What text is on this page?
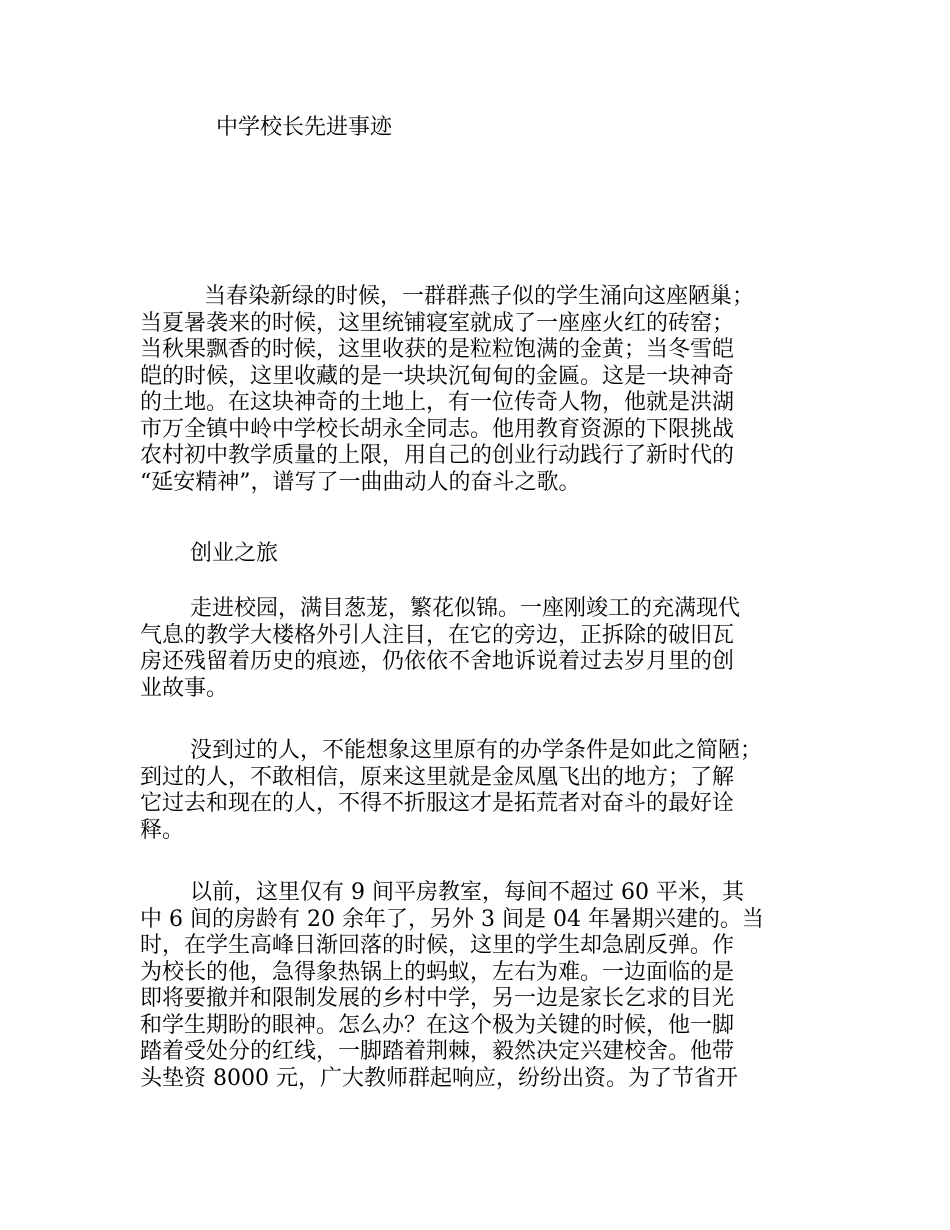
中学校长先进事迹
当春染新绿的时候，一群群燕子似的学生涌向这座陋巢；
当夏暑袭来的时候，这里统铺寝室就成了一座座火红的砖窑；
当秋果飘香的时候，这里收获的是粒粒饱满的金黄；当冬雪皑
皑的时候，这里收藏的是一块块沉甸甸的金匾。这是一块神奇
的土地。在这块神奇的土地上，有一位传奇人物，他就是洪湖
市万全镇中岭中学校长胡永全同志。他用教育资源的下限挑战
农村初中教学质量的上限，用自己的创业行动践行了新时代的
“延安精神”，谱写了一曲曲动人的奋斗之歌。
创业之旅
走进校园，满目葱茏，繁花似锦。一座刚竣工的充满现代
气息的教学大楼格外引人注目，在它的旁边，正拆除的破旧瓦
房还残留着历史的痕迹，仍依依不舍地诉说着过去岁月里的创
业故事。
没到过的人，不能想象这里原有的办学条件是如此之简陋；
到过的人，不敢相信，原来这里就是金凤凰飞出的地方；了解
它过去和现在的人，不得不折服这才是拓荒者对奋斗的最好诠
释。
以前，这里仅有 9 间平房教室，每间不超过 60 平米，其
中 6 间的房龄有 20 余年了，另外 3 间是 04 年暑期兴建的。当
时，在学生高峰日渐回落的时候，这里的学生却急剧反弹。作
为校长的他，急得象热锅上的蚂蚁，左右为难。一边面临的是
即将要撤并和限制发展的乡村中学，另一边是家长乞求的目光
和学生期盼的眼神。怎么办？在这个极为关键的时候，他一脚
踏着受处分的红线，一脚踏着荆棘，毅然决定兴建校舍。他带
头垫资 8000 元，广大教师群起响应，纷纷出资。为了节省开
